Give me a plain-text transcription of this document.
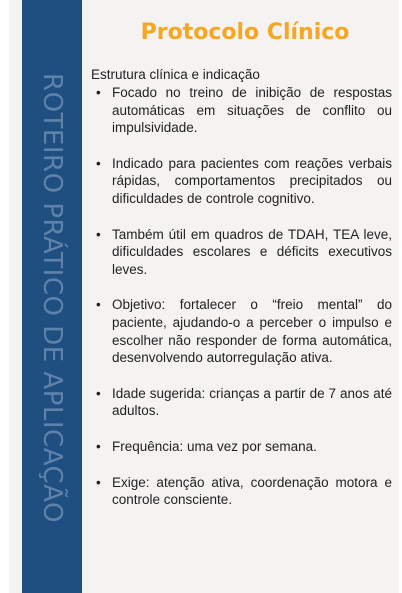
ROTEIRO PRÁTICO DE APLICAÇÃO
Protocolo Clínico

Estrutura clínica e indicação

• Focado no treino de inibição de respostas automáticas em situações de conflito ou impulsividade.
• Indicado para pacientes com reações verbais rápidas, comportamentos precipitados ou dificuldades de controle cognitivo.
• Também útil em quadros de TDAH, TEA leve, dificuldades escolares e déficits executivos leves.
• Objetivo: fortalecer o “freio mental” do paciente, ajudando-o a perceber o impulso e escolher não responder de forma automática, desenvolvendo autorregulação ativa.
• Idade sugerida: crianças a partir de 7 anos até adultos.
• Frequência: uma vez por semana.
• Exige: atenção ativa, coordenação motora e controle consciente.
